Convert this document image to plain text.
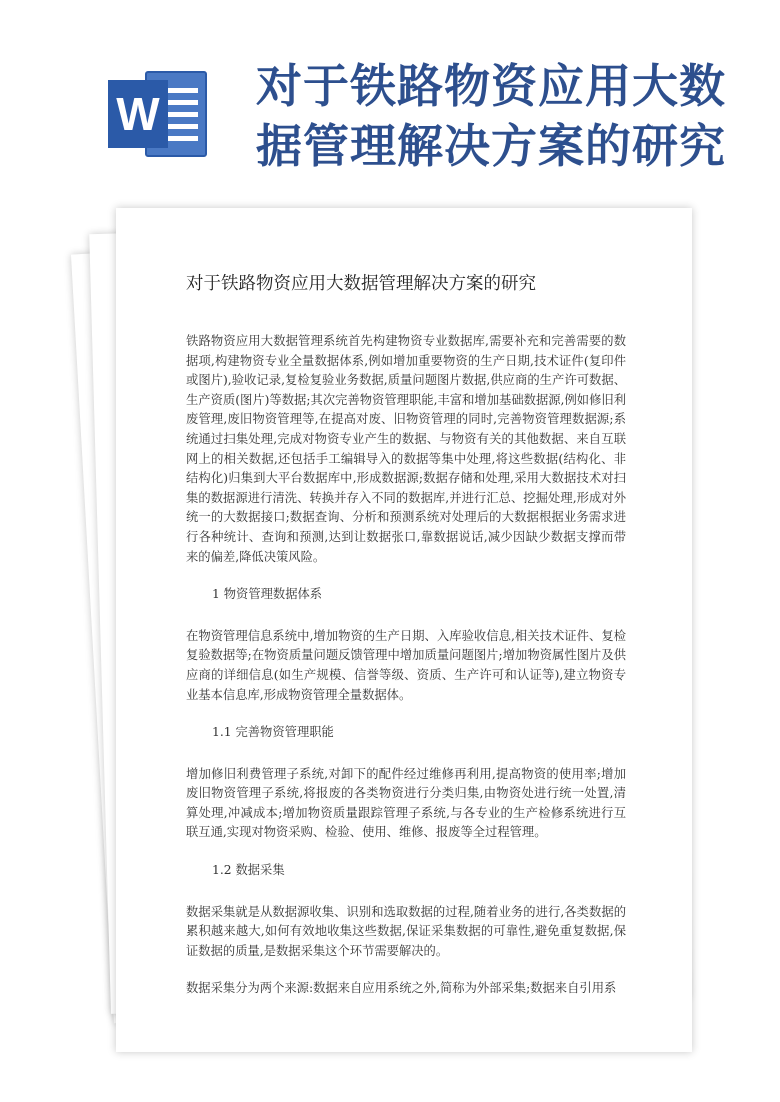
W
对于铁路物资应用大数
据管理解决方案的研究
对于铁路物资应用大数据管理解决方案的研究

铁路物资应用大数据管理系统首先构建物资专业数据库,需要补充和完善需要的数据项,构建物资专业全量数据体系,例如增加重要物资的生产日期,技术证件(复印件或图片),验收记录,复检复验业务数据,质量问题图片数据,供应商的生产许可数据、生产资质(图片)等数据;其次完善物资管理职能,丰富和增加基础数据源,例如修旧利废管理,废旧物资管理等,在提高对废、旧物资管理的同时,完善物资管理数据源;系统通过扫集处理,完成对物资专业产生的数据、与物资有关的其他数据、来自互联网上的相关数据,还包括手工编辑导入的数据等集中处理,将这些数据(结构化、非结构化)归集到大平台数据库中,形成数据源;数据存储和处理,采用大数据技术对扫集的数据源进行清洗、转换并存入不同的数据库,并进行汇总、挖掘处理,形成对外统一的大数据接口;数据查询、分析和预测系统对处理后的大数据根据业务需求进行各种统计、查询和预测,达到让数据张口,靠数据说话,减少因缺少数据支撑而带来的偏差,降低决策风险。

1 物资管理数据体系

在物资管理信息系统中,增加物资的生产日期、入库验收信息,相关技术证件、复检复验数据等;在物资质量问题反馈管理中增加质量问题图片;增加物资属性图片及供应商的详细信息(如生产规模、信誉等级、资质、生产许可和认证等),建立物资专业基本信息库,形成物资管理全量数据体。

1.1 完善物资管理职能

增加修旧利费管理子系统,对卸下的配件经过维修再利用,提高物资的使用率;增加废旧物资管理子系统,将报废的各类物资进行分类归集,由物资处进行统一处置,清算处理,冲减成本;增加物资质量跟踪管理子系统,与各专业的生产检修系统进行互联互通,实现对物资采购、检验、使用、维修、报废等全过程管理。

1.2 数据采集

数据采集就是从数据源收集、识别和选取数据的过程,随着业务的进行,各类数据的累积越来越大,如何有效地收集这些数据,保证采集数据的可靠性,避免重复数据,保证数据的质量,是数据采集这个环节需要解决的。

数据采集分为两个来源:数据来自应用系统之外,简称为外部采集;数据来自引用系
